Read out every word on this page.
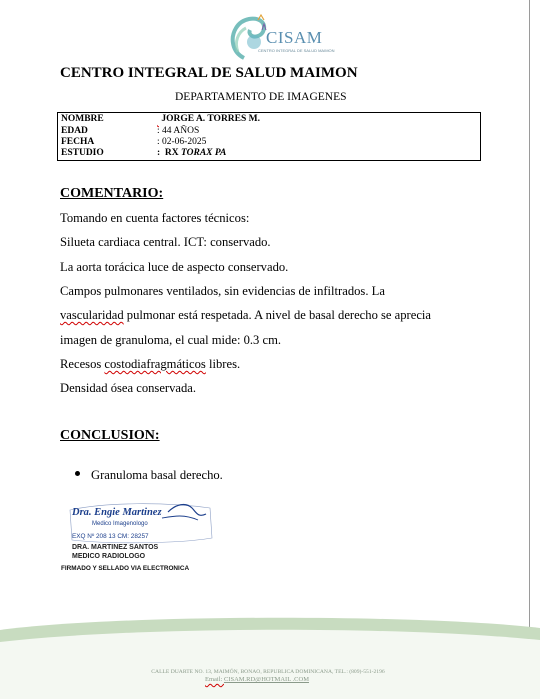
CISAM
CENTRO INTEGRAL DE SALUD MAIMON
CENTRO INTEGRAL DE SALUD MAIMON
DEPARTAMENTO DE IMAGENES
NOMBRE	JORGE A. TORRES M.
EDAD	: 44 AÑOS
FECHA	: 02-06-2025
ESTUDIO	:  RX TORAX PA
COMENTARIO:
Tomando en cuenta factores técnicos:
Silueta cardiaca central. ICT: conservado.
La aorta torácica luce de aspecto conservado.
Campos pulmonares ventilados, sin evidencias de infiltrados. La
vascularidad pulmonar está respetada. A nivel de basal derecho se aprecia
imagen de granuloma, el cual mide: 0.3 cm.
Recesos costodiafragmáticos libres.
Densidad ósea conservada.
CONCLUSION:
Granuloma basal derecho.
Dra. Engie Martinez
Medico Imagenologo
EXQ Nº 208 13 CM: 28257
DRA. MARTINEZ SANTOS
MEDICO RADIOLOGO
FIRMADO Y SELLADO VIA ELECTRONICA
CALLE DUARTE NO. 13, MAIMÓN, BONAO, REPUBLICA DOMINICANA, TEL.: (809)-551-2196
Email: CISAM.RD@HOTMAIL .COM
